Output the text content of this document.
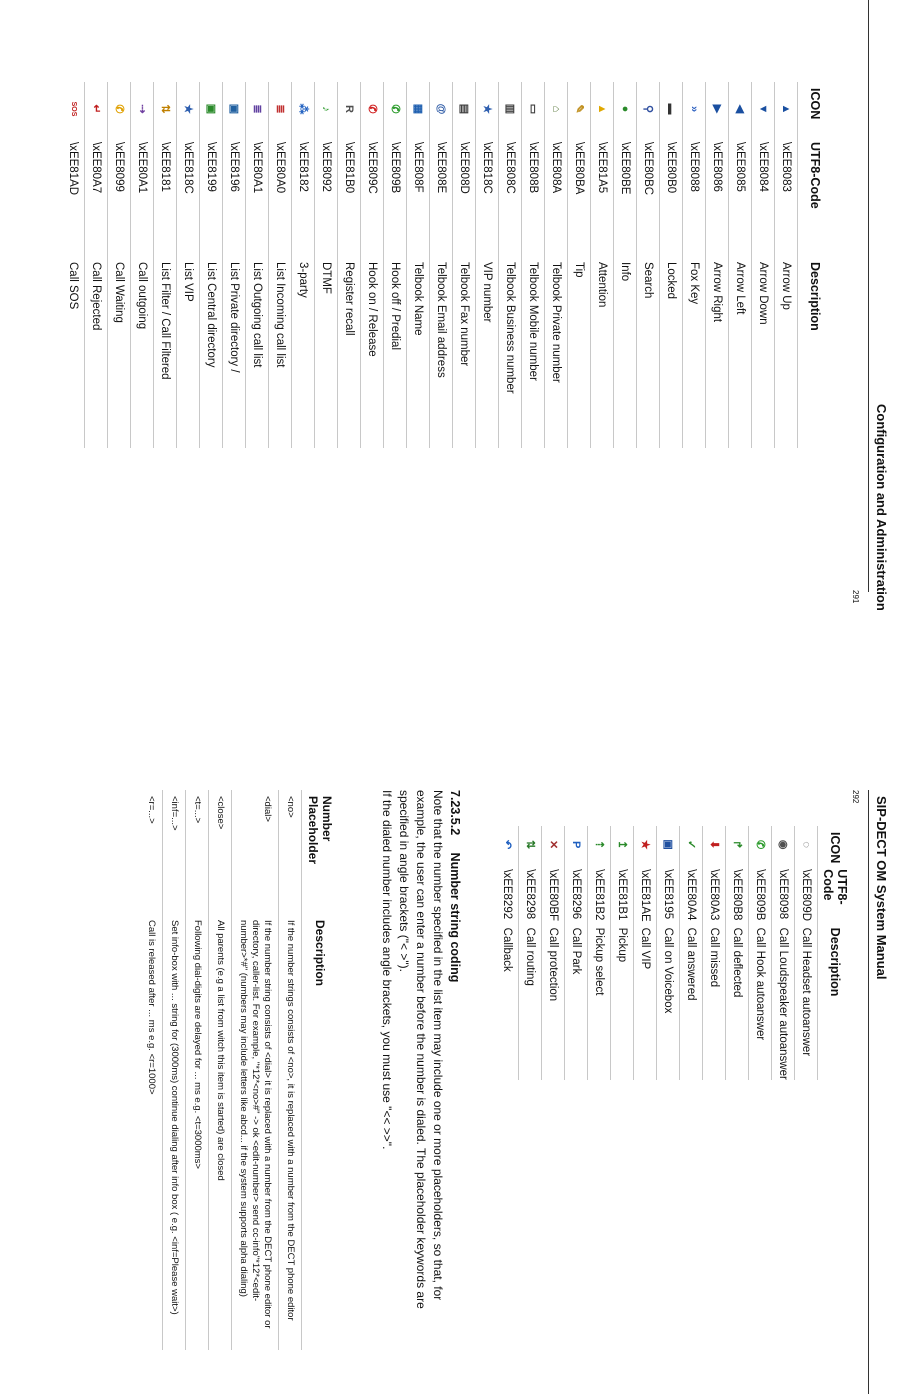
Configuration and Administration
291
ICON	UTF8-Code	Description
▲	\xEE8083	Arrow Up
▼	\xEE8084	Arrow Down
◀	\xEE8085	Arrow Left
▶	\xEE8086	Arrow Right
»	\xEE8088	Fox Key
▬	\xEE80B0	Locked
⚲	\xEE80BC	Search
●	\xEE80BE	Info
▲	\xEE81A5	Attention
✎	\xEE80BA	Tip
⌂	\xEE808A	Telbook Private number
▭	\xEE808B	Telbook Mobile number
▥	\xEE808C	Telbook Business number
★	\xEE818C	VIP number
▤	\xEE808D	Telbook Fax number
@	\xEE808E	Telbook Email address
▦	\xEE808F	Telbook Name
✆	\xEE809B	Hook off / Predial
✆	\xEE809C	Hook on / Release
R	\xEE81B0	Register recall
♪	\xEE8092	DTMF
⁂	\xEE8182	3-party
≣	\xEE80A0	List Incoming call list
≣	\xEE80A1	List Outgoing call list
▣	\xEE8196	List Private directory /
▣	\xEE8199	List Central directory
★	\xEE818C	List VIP
⇅	\xEE8181	List Filter / Call Filtered
⇢	\xEE80A1	Call outgoing
✆	\xEE8099	Call Waiting
↵	\xEE80A7	Call Rejected
SOS	\xEE81AD	Call SOS
SIP-DECT OM System Manual
292
ICON	UTF8-Code	Description
◌	\xEE809D	Call Headset autoanswer
◉	\xEE8098	Call Loudspeaker autoanswer
✆	\xEE809B	Call Hook autoanswer
↱	\xEE80B8	Call deflected
⬇	\xEE80A3	Call missed
✓	\xEE80A4	Call answered
▣	\xEE8195	Call on Voicebox
★	\xEE81AE	Call VIP
↥	\xEE81B1	Pickup
⇡	\xEE81B2	Pickup select
P	\xEE8296	Call Park
✕	\xEE80BF	Call protection
⇅	\xEE8298	Call routing
↶	\xEE8292	Callback
7.23.5.2     Number string coding
Note that the number specified in the list item may include one or more placeholders, so that, for example, the user can enter a number before the number is dialed. The placeholder keywords are specified in angle brackets ("< >").
If the dialed number includes angle brackets, you must use "<< >>".
Number Placeholder	Description
<no>	If the number strings consists of <no>, it is replaced with a number from the DECT phone editor
<dial>	If the number string consists of <dial> it is replaced with a number from the DECT phone editor or directory, caller-list. For example, "*12*<no>#" -> ok <edit-number> send cc-info"*12*<edit-number>*#" (numbers may include letters like abcd... if the system supports alpha dialing)
<close>	All parents (e.g a list from witch this item is started) are closed
<t=...>	Following dial-digits are delayed for ... ms e.g. <t=3000ms>
<inf=...>	Set info-box with ... string for (3000ms) continue dialing after info box ( e.g. <inf=Please wait>)
<r=...>	Call is released after ... ms e.g. <r=1000>
